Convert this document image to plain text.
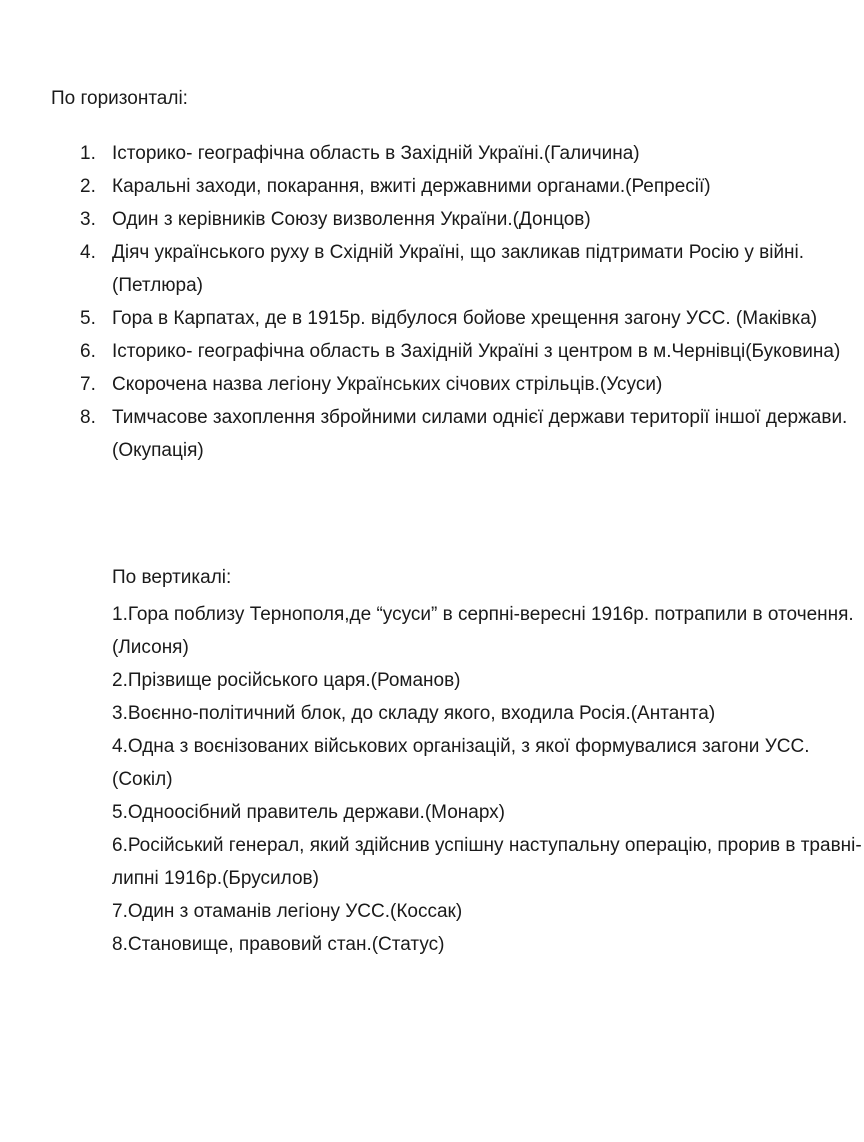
По горизонталі:
1. Історико- географічна область в Західній Україні.(Галичина)
2. Каральні заходи, покарання, вжиті державними органами.(Репресії)
3. Один з керівників Союзу визволення України.(Донцов)
4. Діяч українського руху в Східній Україні, що закликав підтримати Росію у війні.(Петлюра)
5. Гора в Карпатах, де в 1915р. відбулося бойове хрещення загону УСС. (Маківка)
6. Історико- географічна область в Західній Україні з центром в м.Чернівці(Буковина)
7. Скорочена назва легіону Українських січових стрільців.(Усуси)
8. Тимчасове захоплення збройними силами однієї держави території іншої держави.(Окупація)
По вертикалі:
1.Гора поблизу Тернополя,де “усуси” в серпні-вересні 1916р. потрапили в оточення.(Лисоня)
2.Прізвище російського царя.(Романов)
3.Воєнно-політичний блок, до складу якого, входила Росія.(Антанта)
4.Одна з воєнізованих військових організацій, з якої формувалися загони УСС.(Сокіл)
5.Одноосібний правитель держави.(Монарх)
6.Російський генерал, який здійснив успішну наступальну операцію, прорив в травні-липні 1916р.(Брусилов)
7.Один з отаманів легіону УСС.(Коссак)
8.Становище, правовий стан.(Статус)
